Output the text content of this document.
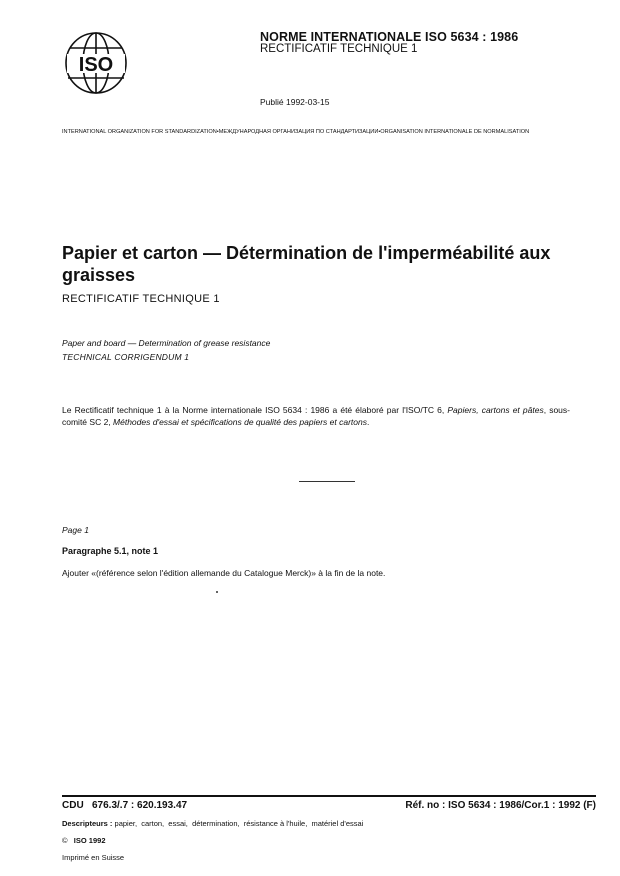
ISO
NORME INTERNATIONALE ISO 5634 : 1986
RECTIFICATIF TECHNIQUE 1
Publié 1992-03-15
INTERNATIONAL ORGANIZATION FOR STANDARDIZATION•МЕЖДУНАРОДНАЯ ОРГАНИЗАЦИЯ ПО СТАНДАРТИЗАЦИИ•ORGANISATION INTERNATIONALE DE NORMALISATION
Papier et carton — Détermination de l'imperméabilité aux graisses
RECTIFICATIF TECHNIQUE 1
Paper and board — Determination of grease resistance
TECHNICAL CORRIGENDUM 1
Le Rectificatif technique 1 à la Norme internationale ISO 5634 : 1986 a été élaboré par l'ISO/TC 6, Papiers, cartons et pâtes, sous-comité SC 2, Méthodes d'essai et spécifications de qualité des papiers et cartons.
Page 1
Paragraphe 5.1, note 1
Ajouter «(référence selon l'édition allemande du Catalogue Merck)» à la fin de la note.
CDU   676.3/.7 : 620.193.47	Réf. no : ISO 5634 : 1986/Cor.1 : 1992 (F)
Descripteurs : papier,  carton,  essai,  détermination,  résistance à l'huile,  matériel d'essai
© ISO 1992
Imprimé en Suisse
